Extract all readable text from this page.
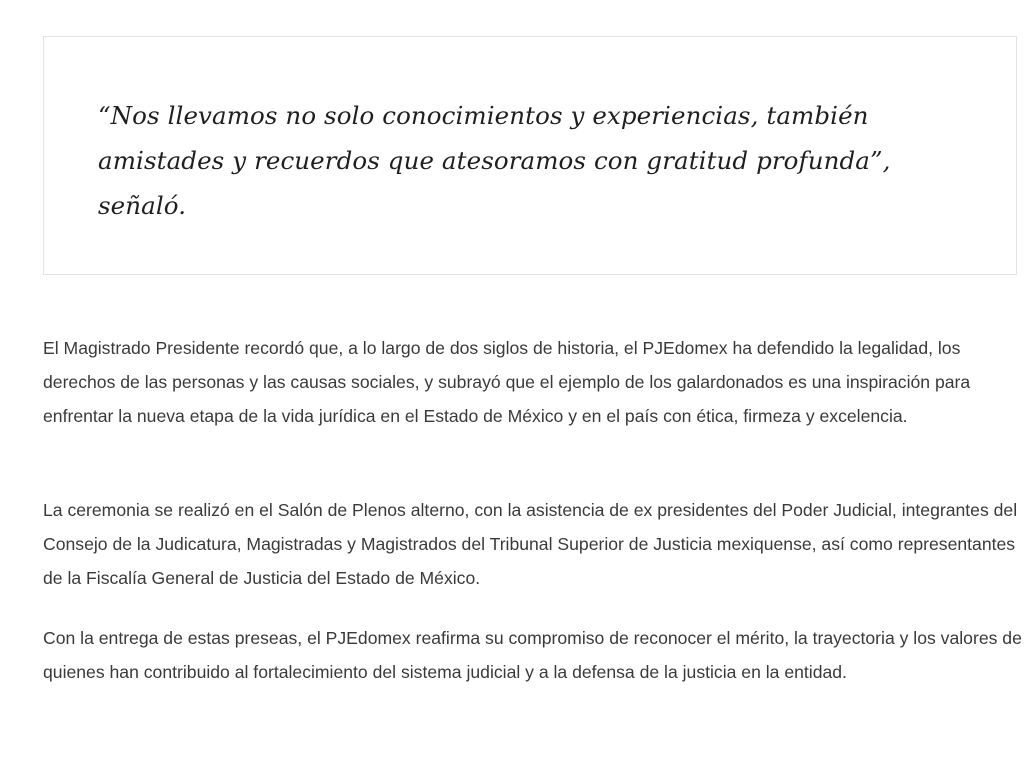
“Nos llevamos no solo conocimientos y experiencias, también amistades y recuerdos que atesoramos con gratitud profunda”, señaló.

El Magistrado Presidente recordó que, a lo largo de dos siglos de historia, el PJEdomex ha defendido la legalidad, los derechos de las personas y las causas sociales, y subrayó que el ejemplo de los galardonados es una inspiración para enfrentar la nueva etapa de la vida jurídica en el Estado de México y en el país con ética, firmeza y excelencia.

La ceremonia se realizó en el Salón de Plenos alterno, con la asistencia de ex presidentes del Poder Judicial, integrantes del Consejo de la Judicatura, Magistradas y Magistrados del Tribunal Superior de Justicia mexiquense, así como representantes de la Fiscalía General de Justicia del Estado de México.

Con la entrega de estas preseas, el PJEdomex reafirma su compromiso de reconocer el mérito, la trayectoria y los valores de quienes han contribuido al fortalecimiento del sistema judicial y a la defensa de la justicia en la entidad.
